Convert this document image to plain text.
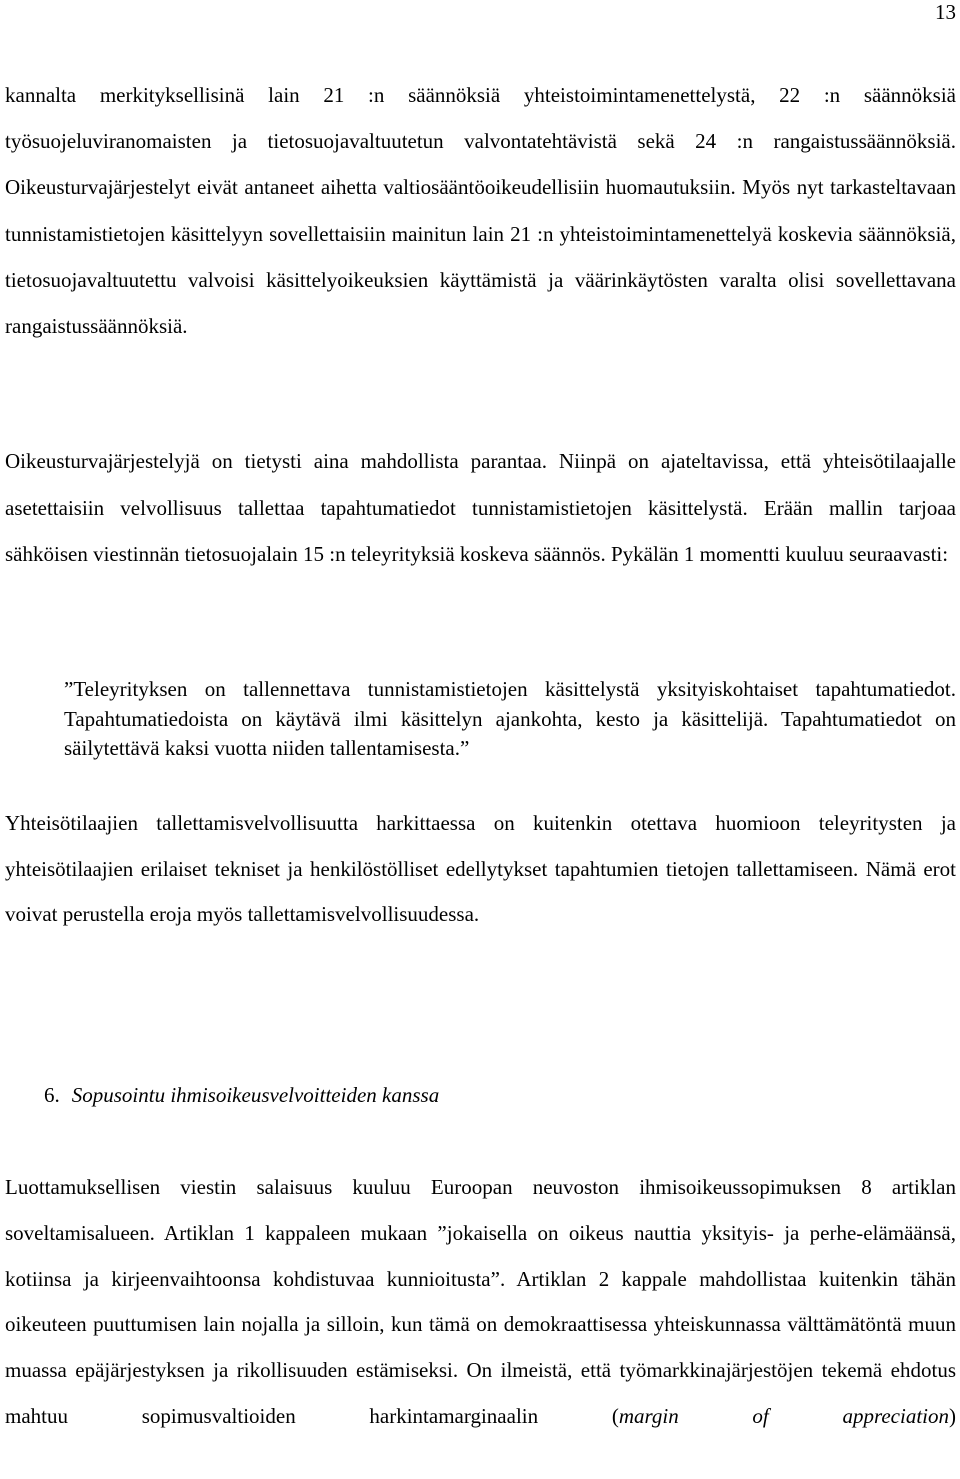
13

kannalta merkityksellisinä lain 21 :n säännöksiä yhteistoimintamenettelystä, 22 :n säännöksiä työsuojeluviranomaisten ja tietosuojavaltuutetun valvontatehtävistä sekä 24 :n rangaistussäännöksiä. Oikeusturvajärjestelyt eivät antaneet aihetta valtiosääntöoikeudellisiin huomautuksiin. Myös nyt tarkasteltavaan tunnistamistietojen käsittelyyn sovellettaisiin mainitun lain 21 :n yhteistoimintamenettelyä koskevia säännöksiä, tietosuojavaltuutettu valvoisi käsittelyoikeuksien käyttämistä ja väärinkäytösten varalta olisi sovellettavana rangaistussäännöksiä.

Oikeusturvajärjestelyjä on tietysti aina mahdollista parantaa. Niinpä on ajateltavissa, että yhteisötilaajalle asetettaisiin velvollisuus tallettaa tapahtumatiedot tunnistamistietojen käsittelystä. Erään mallin tarjoaa sähköisen viestinnän tietosuojalain 15 :n teleyrityksiä koskeva säännös. Pykälän 1 momentti kuuluu seuraavasti:

”Teleyrityksen on tallennettava tunnistamistietojen käsittelystä yksityiskohtaiset tapahtumatiedot. Tapahtumatiedoista on käytävä ilmi käsittelyn ajankohta, kesto ja käsittelijä. Tapahtumatiedot on säilytettävä kaksi vuotta niiden tallentamisesta.”

Yhteisötilaajien tallettamisvelvollisuutta harkittaessa on kuitenkin otettava huomioon teleyritysten ja yhteisötilaajien erilaiset tekniset ja henkilöstölliset edellytykset tapahtumien tietojen tallettamiseen. Nämä erot voivat perustella eroja myös tallettamisvelvollisuudessa.

6. Sopusointu ihmisoikeusvelvoitteiden kanssa

Luottamuksellisen viestin salaisuus kuuluu Euroopan neuvoston ihmisoikeussopimuksen 8 artiklan soveltamisalueen. Artiklan 1 kappaleen mukaan ”jokaisella on oikeus nauttia yksityis- ja perhe-elämäänsä, kotiinsa ja kirjeenvaihtoonsa kohdistuvaa kunnioitusta”. Artiklan 2 kappale mahdollistaa kuitenkin tähän oikeuteen puuttumisen lain nojalla ja silloin, kun tämä on demokraattisessa yhteiskunnassa välttämätöntä muun muassa epäjärjestyksen ja rikollisuuden estämiseksi. On ilmeistä, että työmarkkinajärjestöjen tekemä ehdotus mahtuu sopimusvaltioiden harkintamarginaalin (margin of appreciation)
